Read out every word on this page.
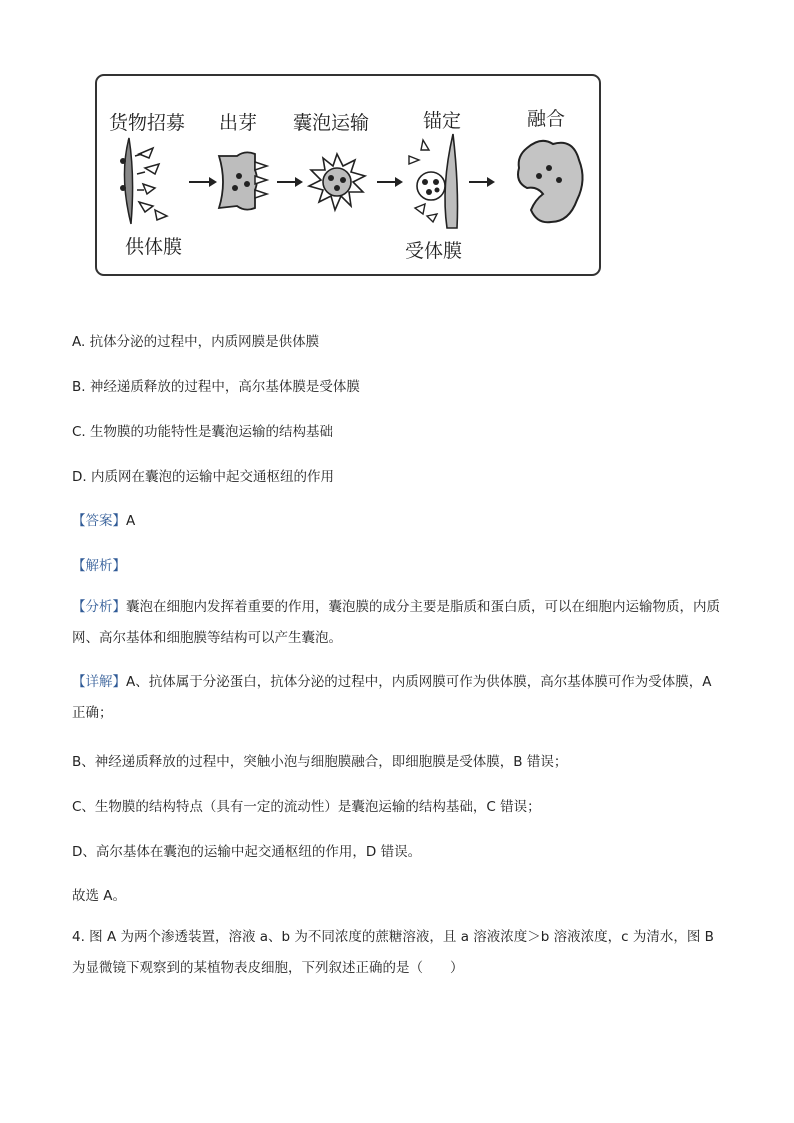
货物招募 出芽 囊泡运输	锚定	融合
供体膜	受体膜
A. 抗体分泌的过程中，内质网膜是供体膜
B. 神经递质释放的过程中，高尔基体膜是受体膜
C. 生物膜的功能特性是囊泡运输的结构基础
D. 内质网在囊泡的运输中起交通枢纽的作用
【答案】A
【解析】
【分析】囊泡在细胞内发挥着重要的作用，囊泡膜的成分主要是脂质和蛋白质，可以在细胞内运输物质，内质网、高尔基体和细胞膜等结构可以产生囊泡。
【详解】A、抗体属于分泌蛋白，抗体分泌的过程中，内质网膜可作为供体膜，高尔基体膜可作为受体膜，A 正确；
B、神经递质释放的过程中，突触小泡与细胞膜融合，即细胞膜是受体膜，B 错误；
C、生物膜的结构特点（具有一定的流动性）是囊泡运输的结构基础，C 错误；
D、高尔基体在囊泡的运输中起交通枢纽的作用，D 错误。
故选 A。
4. 图 A 为两个渗透装置，溶液 a、b 为不同浓度的蔗糖溶液，且 a 溶液浓度＞b 溶液浓度，c 为清水，图 B 为显微镜下观察到的某植物表皮细胞，下列叙述正确的是（　　）
